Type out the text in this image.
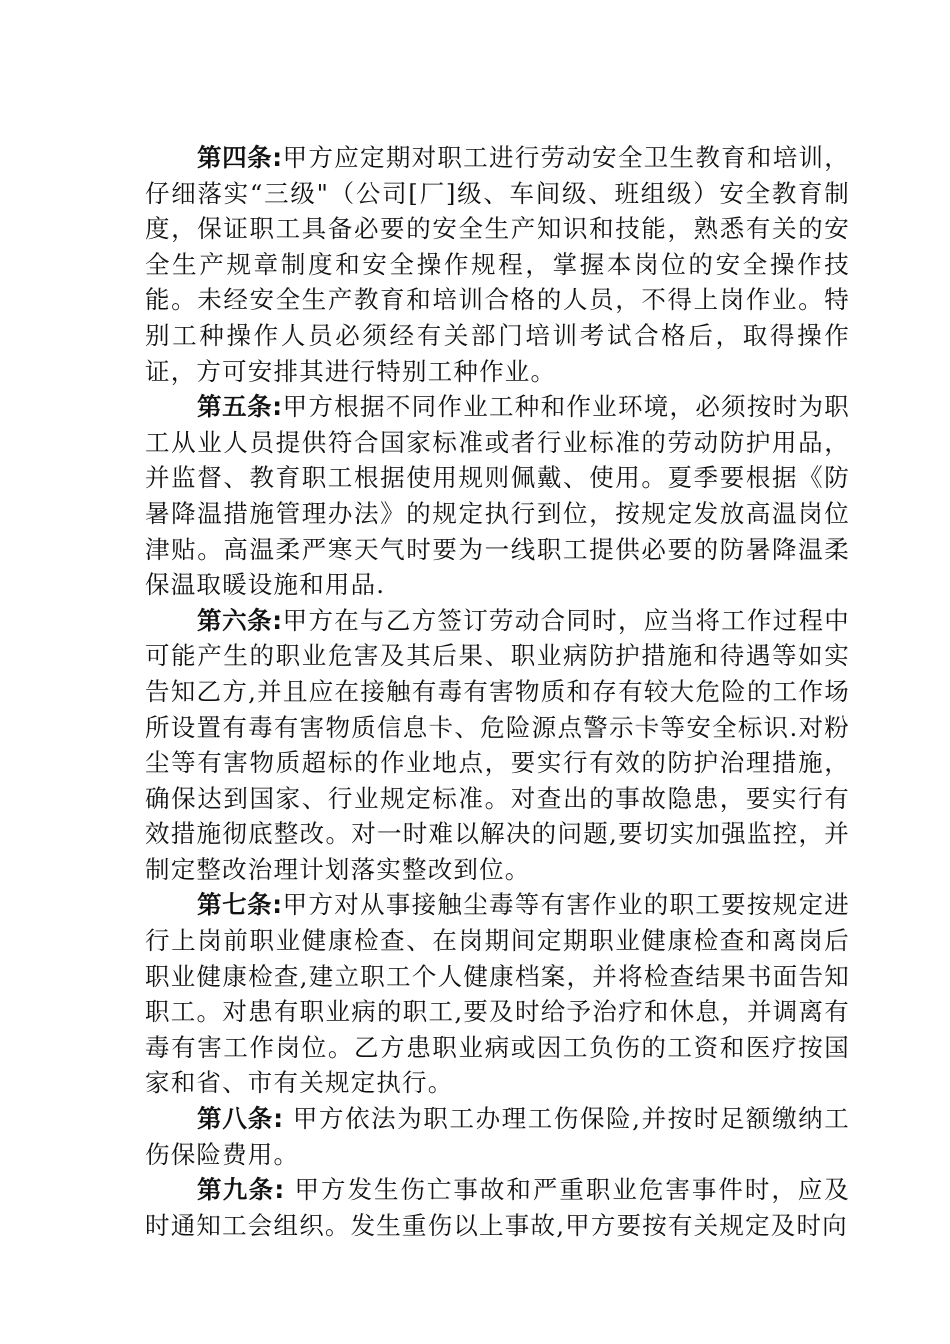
第四条:甲方应定期对职工进行劳动安全卫生教育和培训，仔细落实“三级"（公司[厂]级、车间级、班组级）安全教育制度，保证职工具备必要的安全生产知识和技能，熟悉有关的安全生产规章制度和安全操作规程，掌握本岗位的安全操作技能。未经安全生产教育和培训合格的人员，不得上岗作业。特别工种操作人员必须经有关部门培训考试合格后，取得操作证，方可安排其进行特别工种作业。

第五条:甲方根据不同作业工种和作业环境，必须按时为职工从业人员提供符合国家标准或者行业标准的劳动防护用品，并监督、教育职工根据使用规则佩戴、使用。夏季要根据《防暑降温措施管理办法》的规定执行到位，按规定发放高温岗位津贴。高温柔严寒天气时要为一线职工提供必要的防暑降温柔保温取暖设施和用品.

第六条:甲方在与乙方签订劳动合同时，应当将工作过程中可能产生的职业危害及其后果、职业病防护措施和待遇等如实告知乙方,并且应在接触有毒有害物质和存有较大危险的工作场所设置有毒有害物质信息卡、危险源点警示卡等安全标识.对粉尘等有害物质超标的作业地点，要实行有效的防护治理措施，确保达到国家、行业规定标准。对查出的事故隐患，要实行有效措施彻底整改。对一时难以解决的问题,要切实加强监控，并制定整改治理计划落实整改到位。

第七条:甲方对从事接触尘毒等有害作业的职工要按规定进行上岗前职业健康检查、在岗期间定期职业健康检查和离岗后职业健康检查,建立职工个人健康档案，并将检查结果书面告知职工。对患有职业病的职工,要及时给予治疗和休息，并调离有毒有害工作岗位。乙方患职业病或因工负伤的工资和医疗按国家和省、市有关规定执行。

第八条: 甲方依法为职工办理工伤保险,并按时足额缴纳工伤保险费用。

第九条: 甲方发生伤亡事故和严重职业危害事件时，应及时通知工会组织。发生重伤以上事故,甲方要按有关规定及时向
